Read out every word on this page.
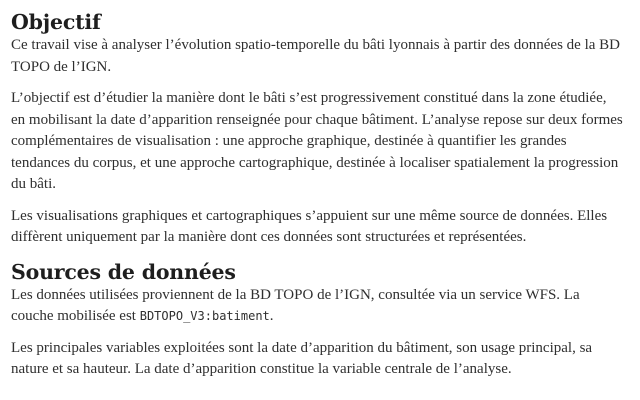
Objectif

Ce travail vise à analyser l’évolution spatio-temporelle du bâti lyonnais à partir des données de la BD TOPO de l’IGN.

L’objectif est d’étudier la manière dont le bâti s’est progressivement constitué dans la zone étudiée, en mobilisant la date d’apparition renseignée pour chaque bâtiment. L’analyse repose sur deux formes complémentaires de visualisation : une approche graphique, destinée à quantifier les grandes tendances du corpus, et une approche cartographique, destinée à localiser spatialement la progression du bâti.

Les visualisations graphiques et cartographiques s’appuient sur une même source de données. Elles diffèrent uniquement par la manière dont ces données sont structurées et représentées.

Sources de données

Les données utilisées proviennent de la BD TOPO de l’IGN, consultée via un service WFS. La couche mobilisée est BDTOPO_V3:batiment.

Les principales variables exploitées sont la date d’apparition du bâtiment, son usage principal, sa nature et sa hauteur. La date d’apparition constitue la variable centrale de l’analyse.
